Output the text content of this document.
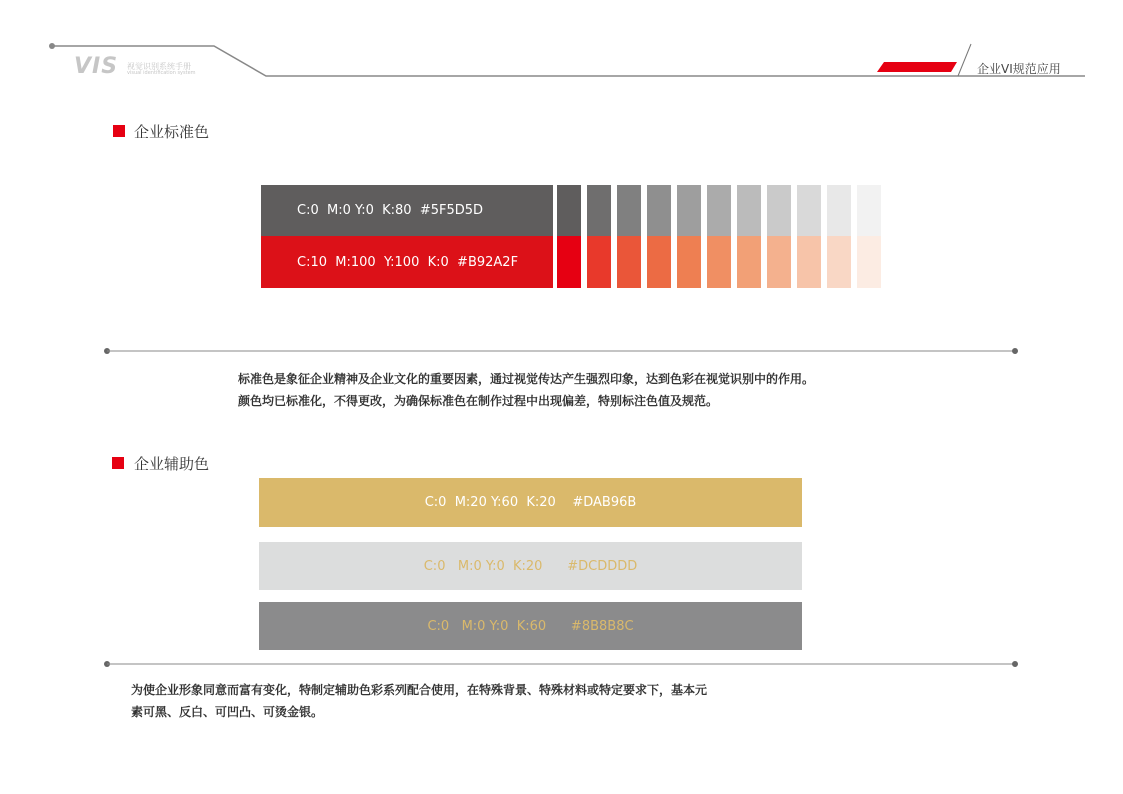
VIS 视觉识别系统手册
visual identification system	企业VI规范应用
企业标准色
C:0  M:0 Y:0  K:80  #5F5D5D
C:10  M:100  Y:100  K:0  #B92A2F
标准色是象征企业精神及企业文化的重要因素，通过视觉传达产生强烈印象，达到色彩在视觉识别中的作用。
颜色均已标准化，不得更改，为确保标准色在制作过程中出现偏差，特别标注色值及规范。
企业辅助色
C:0  M:20 Y:60  K:20    #DAB96B
C:0   M:0 Y:0  K:20      #DCDDDD
C:0   M:0 Y:0  K:60      #8B8B8C
为使企业形象同意而富有变化，特制定辅助色彩系列配合使用，在特殊背景、特殊材料或特定要求下，基本元
素可黑、反白、可凹凸、可烫金银。
